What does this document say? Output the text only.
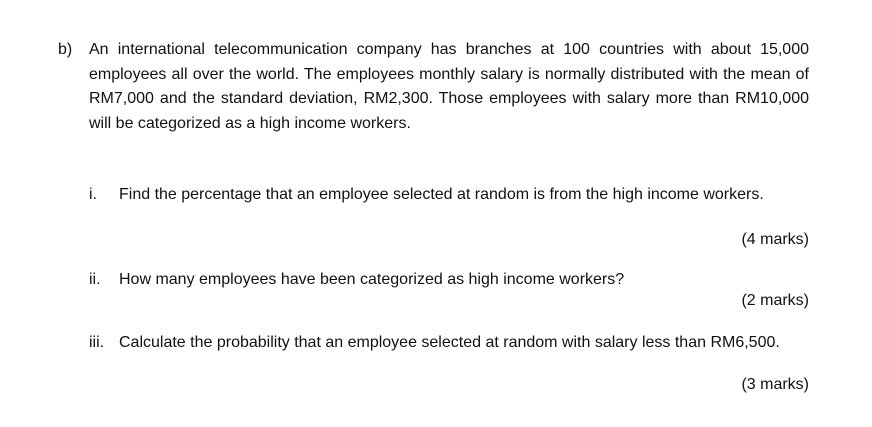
b) An international telecommunication company has branches at 100 countries with about 15,000 employees all over the world. The employees monthly salary is normally distributed with the mean of RM7,000 and the standard deviation, RM2,300. Those employees with salary more than RM10,000 will be categorized as a high income workers.
i. Find the percentage that an employee selected at random is from the high income workers.
(4 marks)
ii. How many employees have been categorized as high income workers?
(2 marks)
iii. Calculate the probability that an employee selected at random with salary less than RM6,500.
(3 marks)
